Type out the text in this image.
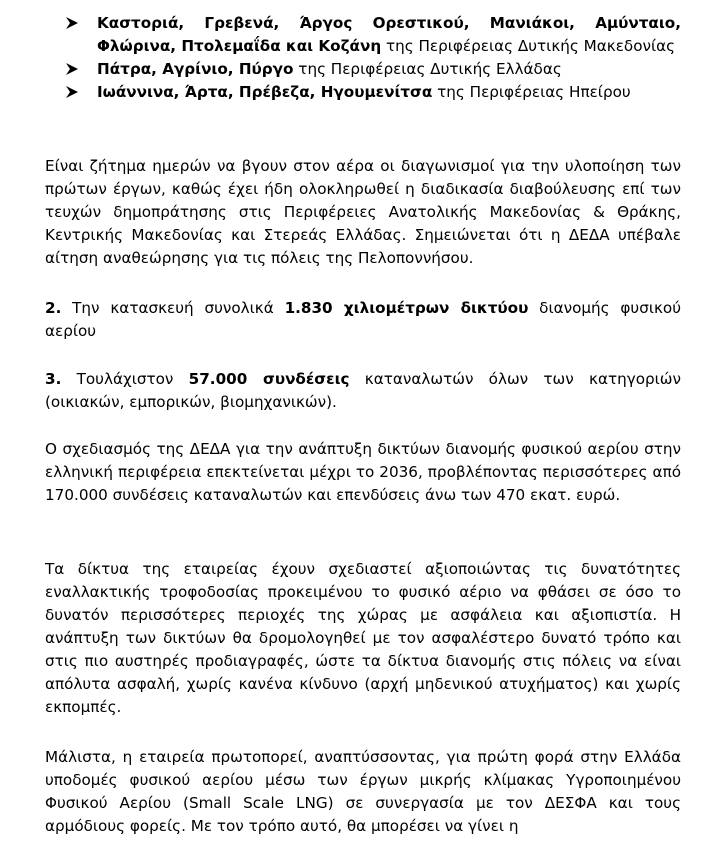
Καστοριά, Γρεβενά, Άργος Ορεστικού, Μανιάκοι, Αμύνταιο, Φλώρινα, Πτολεμαΐδα και Κοζάνη της Περιφέρειας Δυτικής Μακεδονίας
Πάτρα, Αγρίνιο, Πύργο της Περιφέρειας Δυτικής Ελλάδας
Ιωάννινα, Άρτα, Πρέβεζα, Ηγουμενίτσα της Περιφέρειας Ηπείρου

Είναι ζήτημα ημερών να βγουν στον αέρα οι διαγωνισμοί για την υλοποίηση των πρώτων έργων, καθώς έχει ήδη ολοκληρωθεί η διαδικασία διαβούλευσης επί των τευχών δημοπράτησης στις Περιφέρειες Ανατολικής Μακεδονίας & Θράκης, Κεντρικής Μακεδονίας και Στερεάς Ελλάδας. Σημειώνεται ότι η ΔΕΔΑ υπέβαλε αίτηση αναθεώρησης για τις πόλεις της Πελοποννήσου.

2. Την κατασκευή συνολικά 1.830 χιλιομέτρων δικτύου διανομής φυσικού αερίου

3. Τουλάχιστον 57.000 συνδέσεις καταναλωτών όλων των κατηγοριών (οικιακών, εμπορικών, βιομηχανικών).

Ο σχεδιασμός της ΔΕΔΑ για την ανάπτυξη δικτύων διανομής φυσικού αερίου στην ελληνική περιφέρεια επεκτείνεται μέχρι το 2036, προβλέποντας περισσότερες από 170.000 συνδέσεις καταναλωτών και επενδύσεις άνω των 470 εκατ. ευρώ.

Τα δίκτυα της εταιρείας έχουν σχεδιαστεί αξιοποιώντας τις δυνατότητες εναλλακτικής τροφοδοσίας προκειμένου το φυσικό αέριο να φθάσει σε όσο το δυνατόν περισσότερες περιοχές της χώρας με ασφάλεια και αξιοπιστία. Η ανάπτυξη των δικτύων θα δρομολογηθεί με τον ασφαλέστερο δυνατό τρόπο και στις πιο αυστηρές προδιαγραφές, ώστε τα δίκτυα διανομής στις πόλεις να είναι απόλυτα ασφαλή, χωρίς κανένα κίνδυνο (αρχή μηδενικού ατυχήματος) και χωρίς εκπομπές.

Μάλιστα, η εταιρεία πρωτοπορεί, αναπτύσσοντας, για πρώτη φορά στην Ελλάδα υποδομές φυσικού αερίου μέσω των έργων μικρής κλίμακας Υγροποιημένου Φυσικού Αερίου (Small Scale LNG) σε συνεργασία με τον ΔΕΣΦΑ και τους αρμόδιους φορείς. Με τον τρόπο αυτό, θα μπορέσει να γίνει η
